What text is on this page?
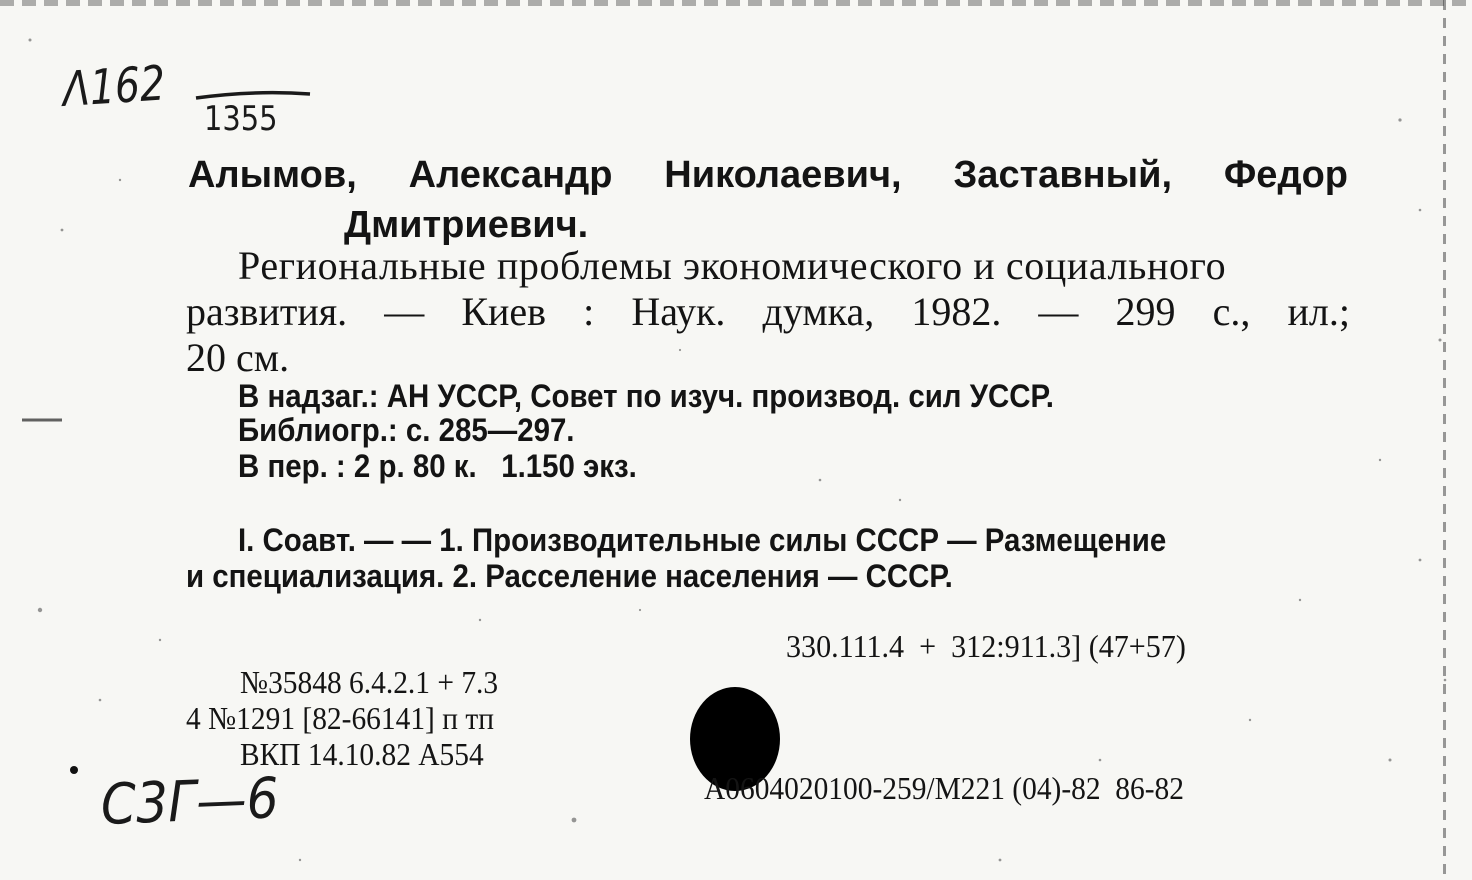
Λ162
1355
Алымов, Александр Николаевич, Заставный, Федор
Дмитриевич.
Региональные проблемы экономического и социального
развития. — Киев : Наук. думка, 1982. — 299 с., ил.;
20 см.
В надзаг.: АН УССР, Совет по изуч. производ. сил УССР.
Библиогр.: с. 285—297.
В пер. : 2 р. 80 к.   1.150 экз.
I. Соавт. — — 1. Производительные силы СССР — Размещение
и специализация. 2. Расселение населения — СССР.
330.111.4  +  312:911.3] (47+57)
№35848 6.4.2.1 + 7.3
4 №1291 [82-66141] п тп
ВКП 14.10.82 А554
А0604020100-259/М221 (04)-82  86-82
С3Г—6
